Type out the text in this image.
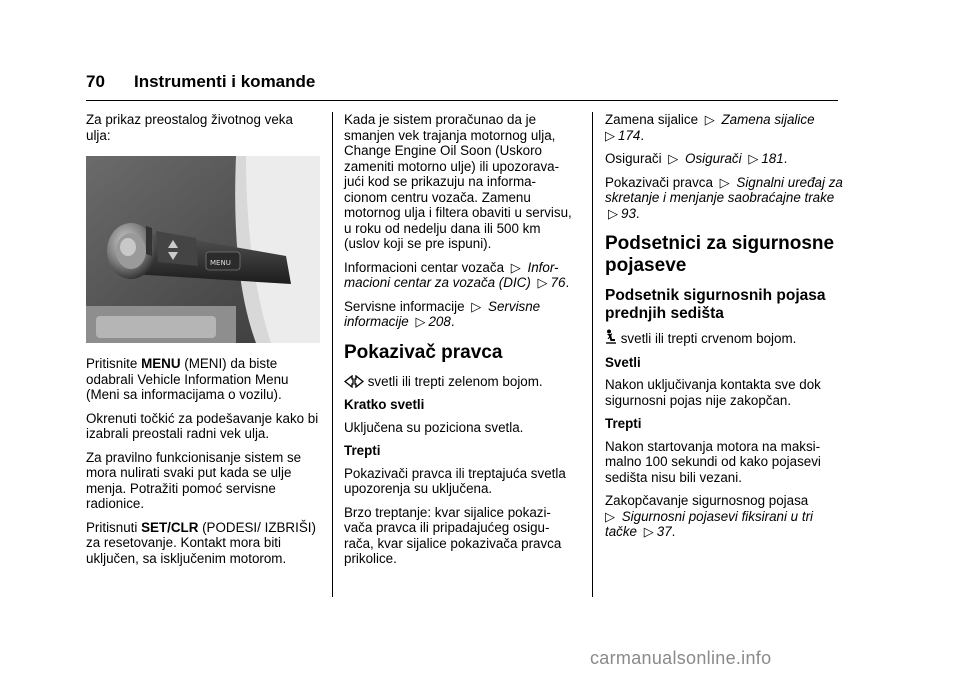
70 Instrumenti i komande

Za prikaz preostalog životnog veka ulja:

MENU

Pritisnite MENU (MENI) da biste odabrali Vehicle Information Menu (Meni sa informacijama o vozilu).

Okrenuti točkić za podešavanje kako bi izabrali preostali radni vek ulja.

Za pravilno funkcionisanje sistem se mora nulirati svaki put kada se ulje menja. Potražiti pomoć servisne radionice.

Pritisnuti SET/CLR (PODESI/ IZBRIŠI) za resetovanje. Kontakt mora biti uključen, sa isključenim motorom.

Kada je sistem proračunao da je smanjen vek trajanja motornog ulja, Change Engine Oil Soon (Uskoro zameniti motorno ulje) ili upozorava-jući kod se prikazuju na informa-cionom centru vozača. Zamenu motornog ulja i filtera obaviti u servisu, u roku od nedelju dana ili 500 km (uslov koji se pre ispuni).

Informacioni centar vozača ▷ Infor-macioni centar za vozača (DIC) ▷ 76.

Servisne informacije ▷ Servisne informacije ▷ 208.

Pokazivač pravca

svetli ili trepti zelenom bojom.

Kratko svetli

Uključena su poziciona svetla.

Trepti

Pokazivači pravca ili treptajuća svetla upozorenja su uključena.

Brzo treptanje: kvar sijalice pokazi-vača pravca ili pripadajućeg osigu-rača, kvar sijalice pokazivača pravca prikolice.

Zamena sijalice ▷ Zamena sijalice
▷ 174.

Osigurači ▷ Osigurači ▷ 181.

Pokazivači pravca ▷ Signalni uređaj za skretanje i menjanje saobraćajne trake ▷ 93.

Podsetnici za sigurnosne pojaseve
Podsetnik sigurnosnih pojasa prednjih sedišta

svetli ili trepti crvenom bojom.

Svetli

Nakon uključivanja kontakta sve dok sigurnosni pojas nije zakopčan.

Trepti

Nakon startovanja motora na maksi-malno 100 sekundi od kako pojasevi sedišta nisu bili vezani.

Zakopčavanje sigurnosnog pojasa
▷ Sigurnosni pojasevi fiksirani u tri tačke ▷ 37.

carmanualsonline.info
